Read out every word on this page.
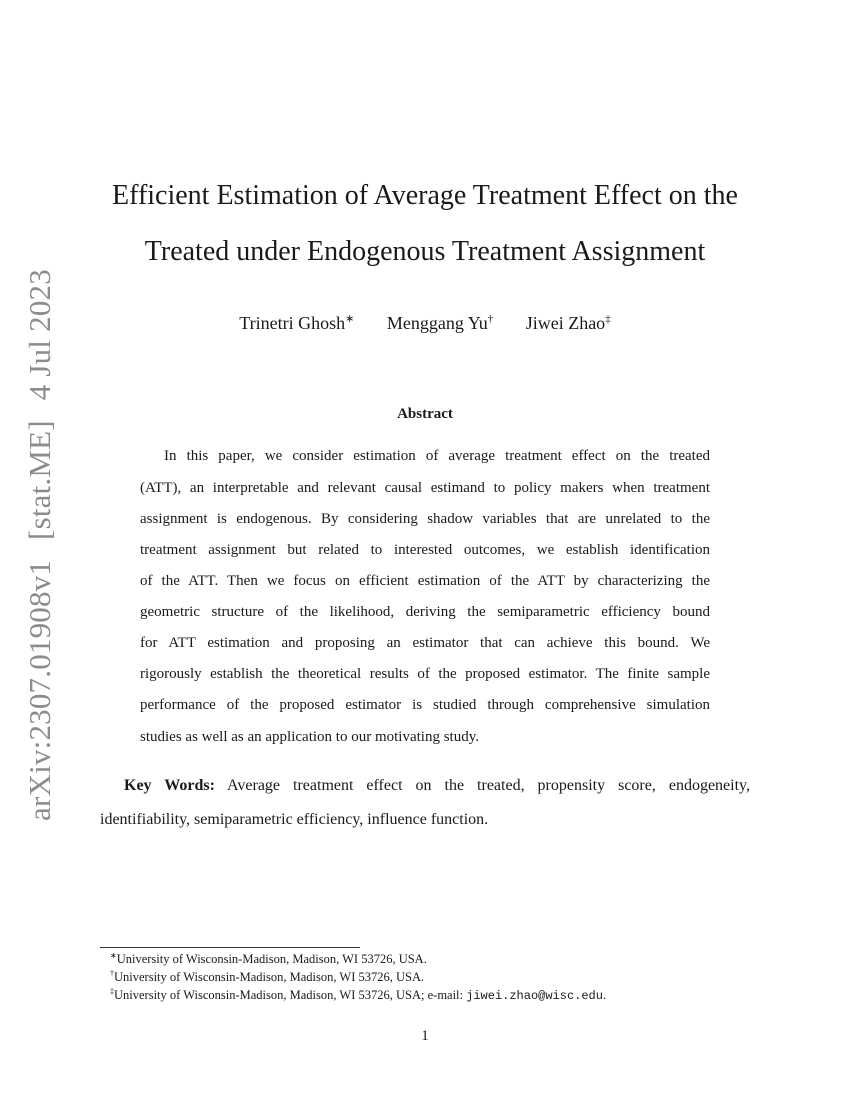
arXiv:2307.01908v1 [stat.ME] 4 Jul 2023
Efficient Estimation of Average Treatment Effect on the
Treated under Endogenous Treatment Assignment
Trinetri Ghosh∗ Menggang Yu† Jiwei Zhao‡
Abstract
In this paper, we consider estimation of average treatment effect on the treated
(ATT), an interpretable and relevant causal estimand to policy makers when treatment
assignment is endogenous. By considering shadow variables that are unrelated to the
treatment assignment but related to interested outcomes, we establish identification
of the ATT. Then we focus on efficient estimation of the ATT by characterizing the
geometric structure of the likelihood, deriving the semiparametric efficiency bound
for ATT estimation and proposing an estimator that can achieve this bound. We
rigorously establish the theoretical results of the proposed estimator. The finite sample
performance of the proposed estimator is studied through comprehensive simulation
studies as well as an application to our motivating study.
Key Words: Average treatment effect on the treated, propensity score, endogeneity,
identifiability, semiparametric efficiency, influence function.
∗University of Wisconsin-Madison, Madison, WI 53726, USA.
†University of Wisconsin-Madison, Madison, WI 53726, USA.
‡University of Wisconsin-Madison, Madison, WI 53726, USA; e-mail: jiwei.zhao@wisc.edu.
1
